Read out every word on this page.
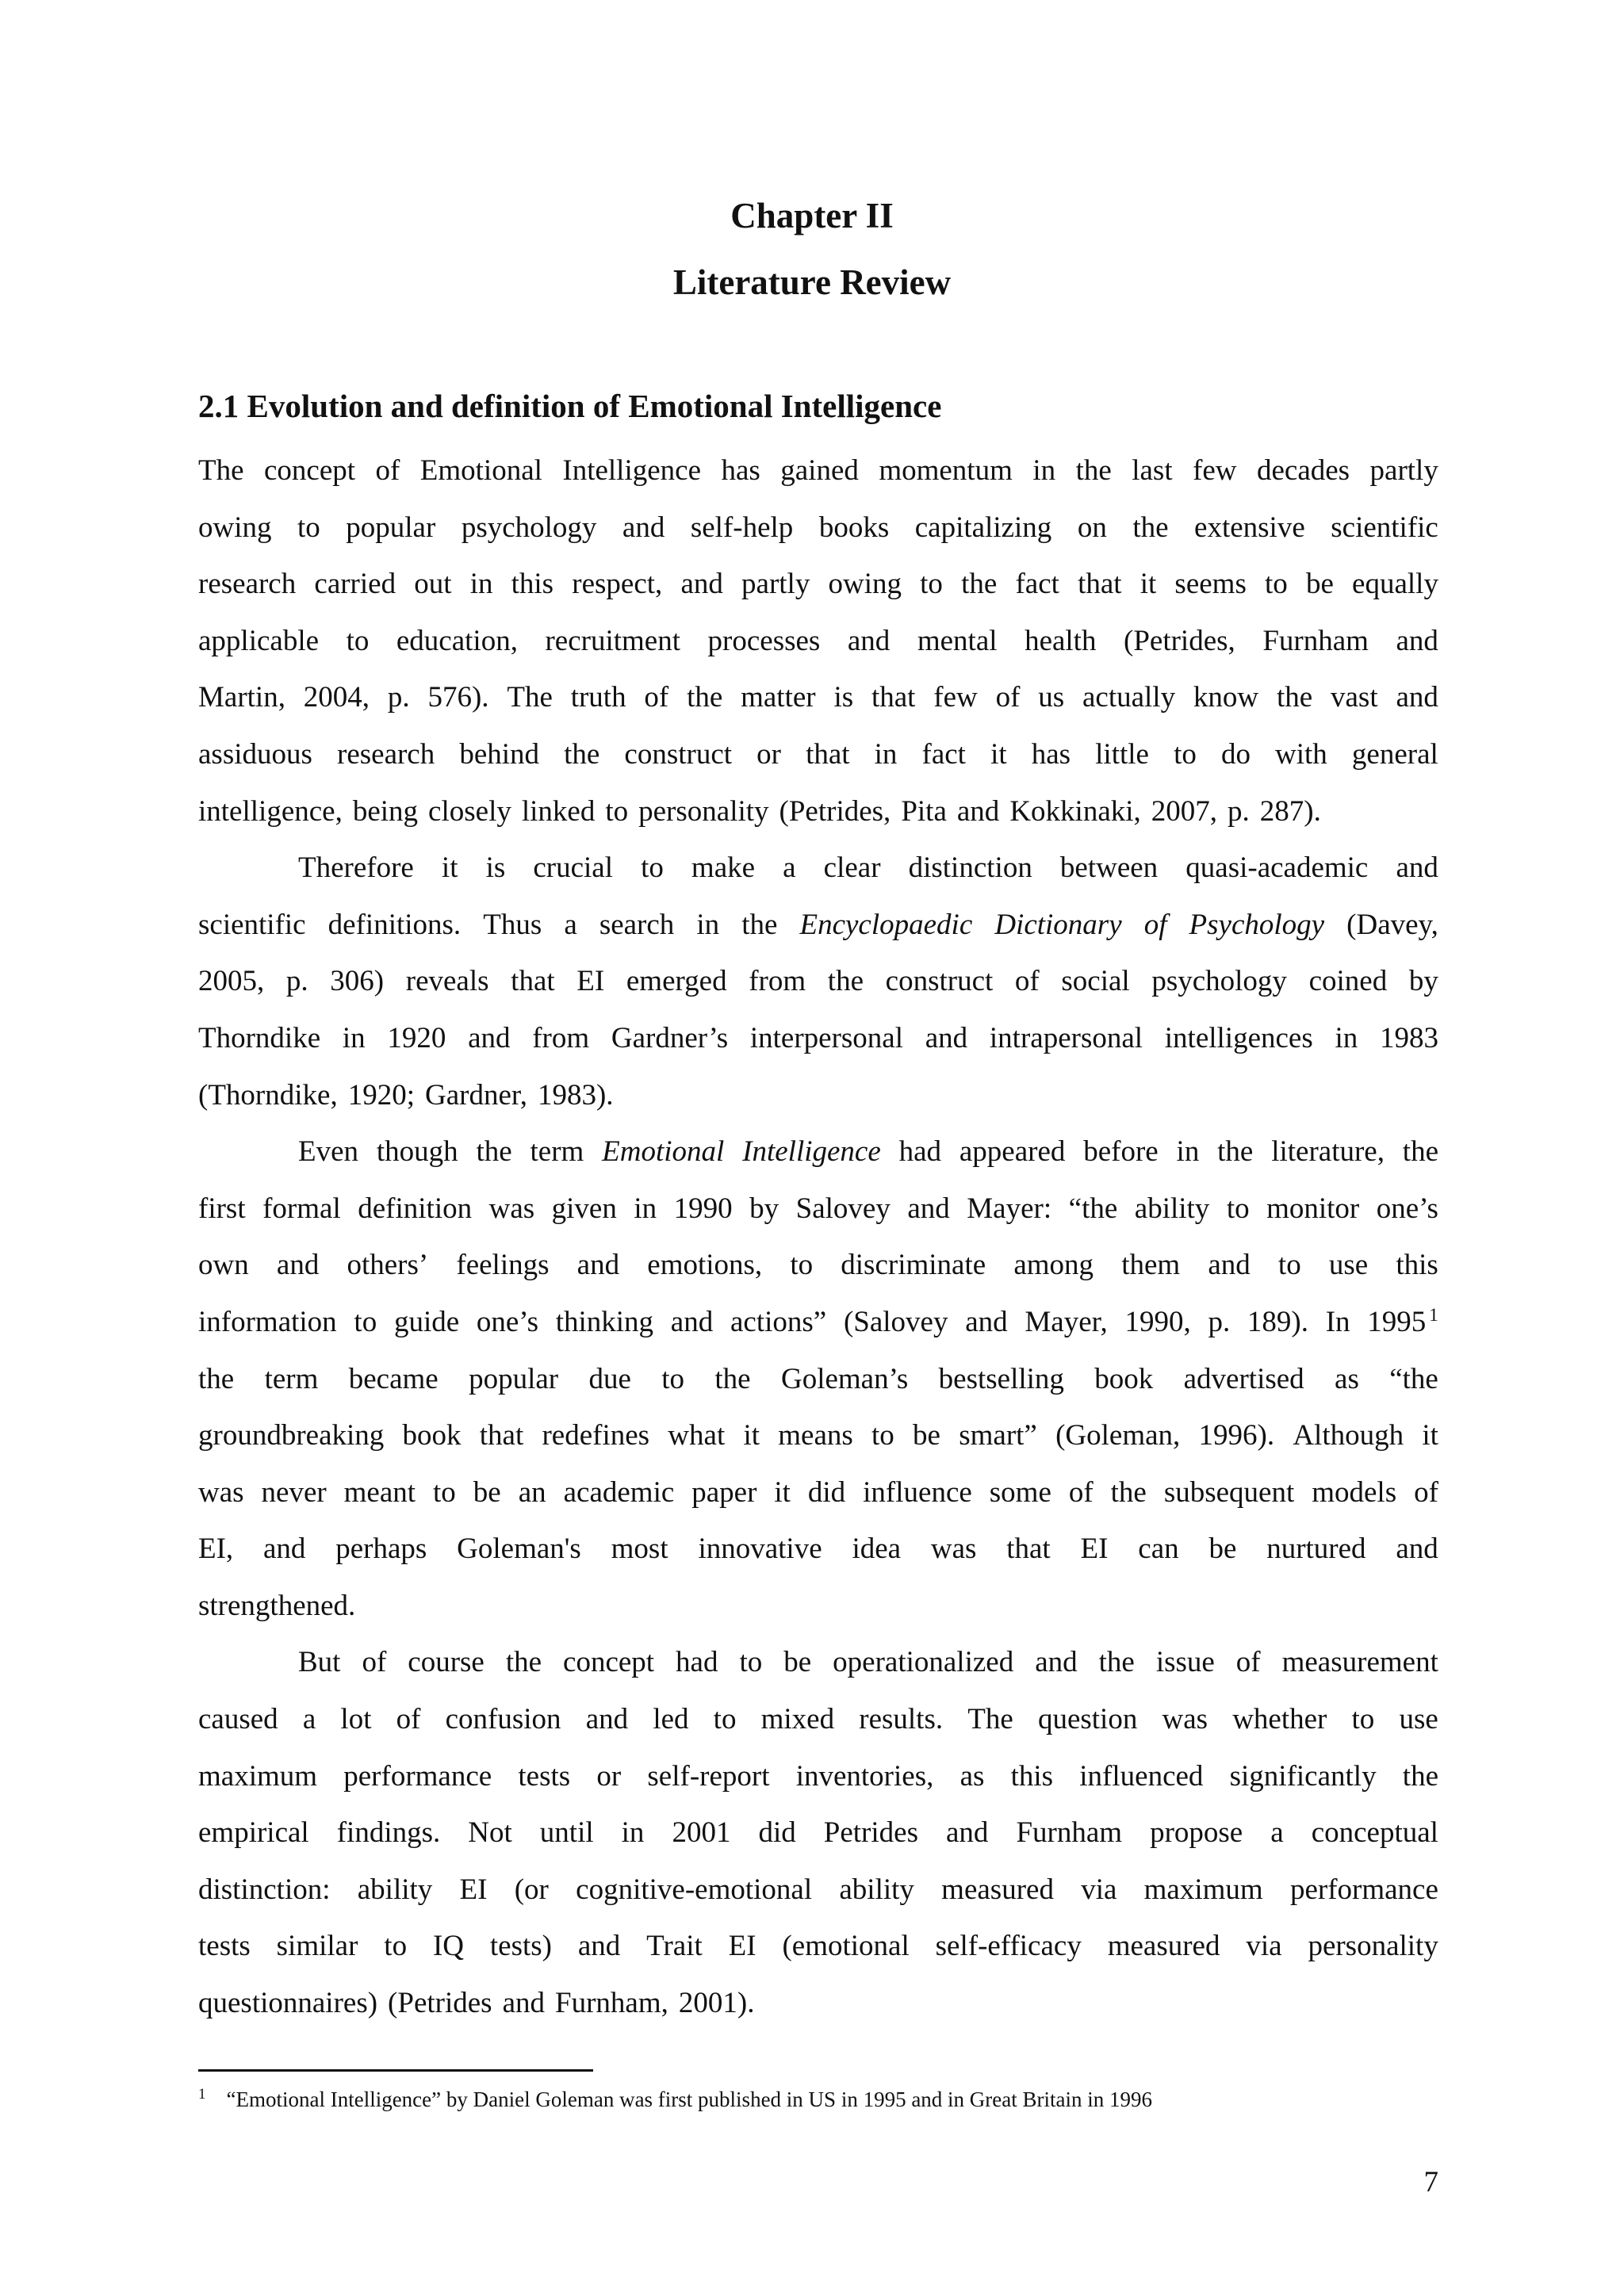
Chapter II
Literature Review
2.1 Evolution and definition of Emotional Intelligence
The concept of Emotional Intelligence has gained momentum in the last few decades partly
owing to popular psychology and self-help books capitalizing on the extensive scientific
research carried out in this respect, and partly owing to the fact that it seems to be equally
applicable to education, recruitment processes and mental health (Petrides, Furnham and
Martin, 2004, p. 576). The truth of the matter is that few of us actually know the vast and
assiduous research behind the construct or that in fact it has little to do with general
intelligence, being closely linked to personality (Petrides, Pita and Kokkinaki, 2007, p. 287).
Therefore it is crucial to make a clear distinction between quasi-academic and
scientific definitions. Thus a search in the Encyclopaedic Dictionary of Psychology (Davey,
2005, p. 306) reveals that EI emerged from the construct of social psychology coined by
Thorndike in 1920 and from Gardner’s interpersonal and intrapersonal intelligences in 1983
(Thorndike, 1920; Gardner, 1983).
Even though the term Emotional Intelligence had appeared before in the literature, the
first formal definition was given in 1990 by Salovey and Mayer: “the ability to monitor one’s
own and others’ feelings and emotions, to discriminate among them and to use this
information to guide one’s thinking and actions” (Salovey and Mayer, 1990, p. 189). In 1995 $^1$
the term became popular due to the Goleman’s bestselling book advertised as “the
groundbreaking book that redefines what it means to be smart” (Goleman, 1996). Although it
was never meant to be an academic paper it did influence some of the subsequent models of
EI, and perhaps Goleman's most innovative idea was that EI can be nurtured and
strengthened.
But of course the concept had to be operationalized and the issue of measurement
caused a lot of confusion and led to mixed results. The question was whether to use
maximum performance tests or self-report inventories, as this influenced significantly the
empirical findings. Not until in 2001 did Petrides and Furnham propose a conceptual
distinction: ability EI (or cognitive-emotional ability measured via maximum performance
tests similar to IQ tests) and Trait EI (emotional self-efficacy measured via personality
questionnaires) (Petrides and Furnham, 2001).
$^1$ “Emotional Intelligence” by Daniel Goleman was first published in US in 1995 and in Great Britain in 1996
7
